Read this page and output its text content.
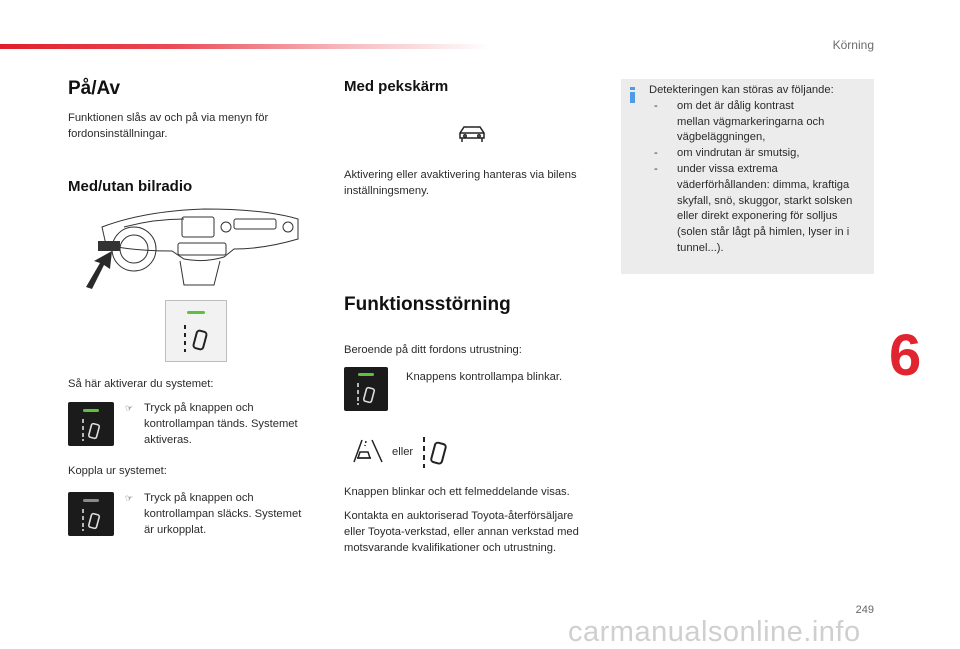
Körning
6
249
carmanualsonline.info
På/Av
Funktionen slås av och på via menyn för
fordonsinställningar.
Med/utan bilradio
Så här aktiverar du systemet:
☞ Tryck på knappen och
kontrollampan tänds. Systemet
aktiveras.
Koppla ur systemet:
☞ Tryck på knappen och
kontrollampan släcks. Systemet
är urkopplat.
Med pekskärm
Aktivering eller avaktivering hanteras via bilens
inställningsmeny.
Funktionsstörning
Beroende på ditt fordons utrustning:
Knappens kontrollampa blinkar.
eller
Knappen blinkar och ett felmeddelande visas.
Kontakta en auktoriserad Toyota-återförsäljare
eller Toyota-verkstad, eller annan verkstad med
motsvarande kvalifikationer och utrustning.
Detekteringen kan störas av följande:
- om det är dålig kontrast
mellan vägmarkeringarna och
vägbeläggningen,
- om vindrutan är smutsig,
- under vissa extrema
väderförhållanden: dimma, kraftiga
skyfall, snö, skuggor, starkt solsken
eller direkt exponering för solljus
(solen står lågt på himlen, lyser in i
tunnel...).
